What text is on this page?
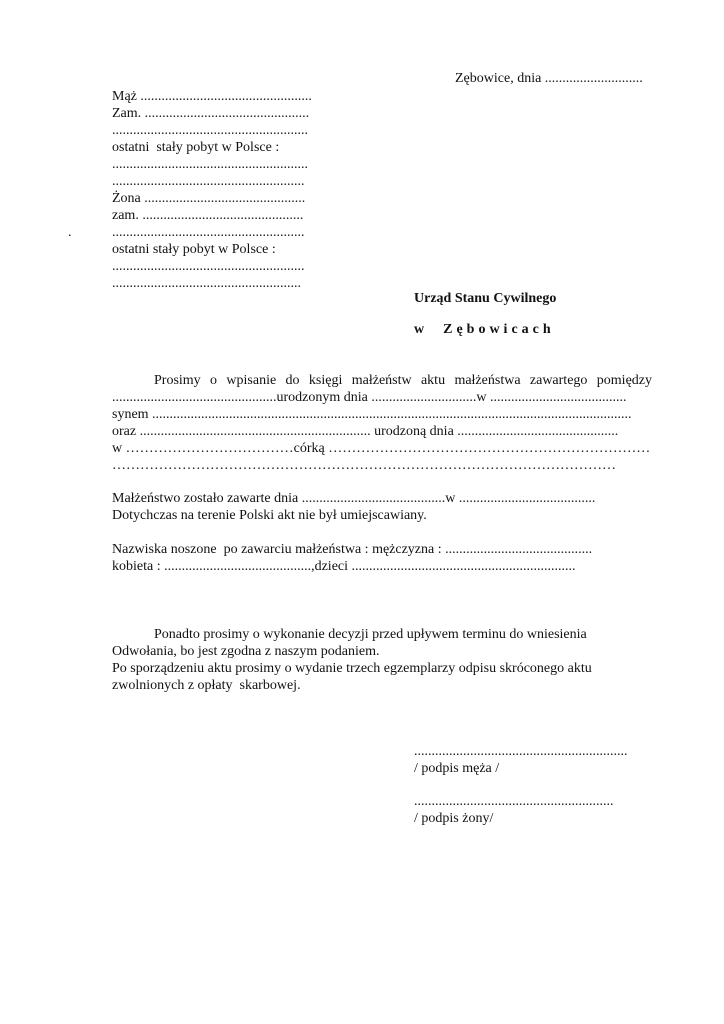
Zębowice, dnia ............................
.
Mąż .................................................
Zam. ...............................................
........................................................
ostatni  stały pobyt w Polsce :
........................................................
.......................................................
Żona ..............................................
zam. ..............................................
.......................................................
ostatni stały pobyt w Polsce :
.......................................................
......................................................
Urząd Stanu Cywilnego
w  Zębowicach
Prosimy o wpisanie do księgi małżeństw aktu małżeństwa zawartego pomiędzy
...............................................urodzonym dnia ..............................w .......................................
synem .........................................................................................................................................
oraz .................................................................. urodzoną dnia ..............................................
w ………………………………córką ……………………………………………………………
………………………………………………………………………………………………
Małżeństwo zostało zawarte dnia .........................................w .......................................
Dotychczas na terenie Polski akt nie był umiejscawiany.
Nazwiska noszone  po zawarciu małżeństwa : mężczyzna : ..........................................
kobieta : ..........................................,dzieci ................................................................
Ponadto prosimy o wykonanie decyzji przed upływem terminu do wniesienia
Odwołania, bo jest zgodna z naszym podaniem.
Po sporządzeniu aktu prosimy o wydanie trzech egzemplarzy odpisu skróconego aktu
zwolnionych z opłaty  skarbowej.
.............................................................
/ podpis męża /
.........................................................
/ podpis żony/
